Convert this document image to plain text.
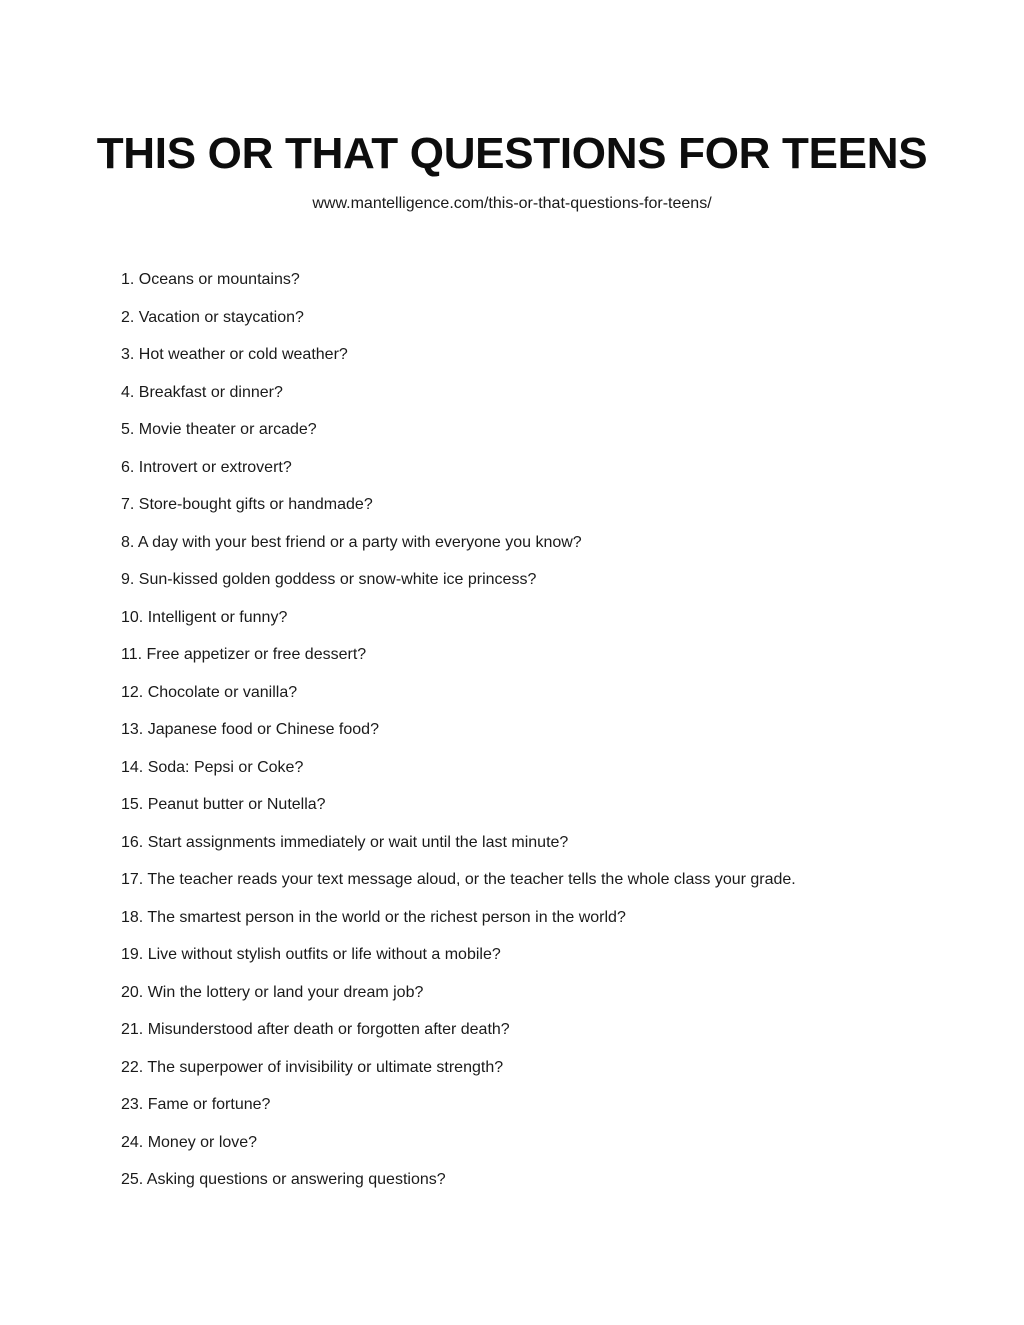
THIS OR THAT QUESTIONS FOR TEENS
www.mantelligence.com/this-or-that-questions-for-teens/
1. Oceans or mountains?
2. Vacation or staycation?
3. Hot weather or cold weather?
4. Breakfast or dinner?
5. Movie theater or arcade?
6. Introvert or extrovert?
7. Store-bought gifts or handmade?
8. A day with your best friend or a party with everyone you know?
9. Sun-kissed golden goddess or snow-white ice princess?
10. Intelligent or funny?
11. Free appetizer or free dessert?
12. Chocolate or vanilla?
13. Japanese food or Chinese food?
14. Soda: Pepsi or Coke?
15. Peanut butter or Nutella?
16. Start assignments immediately or wait until the last minute?
17. The teacher reads your text message aloud, or the teacher tells the whole class your grade.
18. The smartest person in the world or the richest person in the world?
19. Live without stylish outfits or life without a mobile?
20. Win the lottery or land your dream job?
21. Misunderstood after death or forgotten after death?
22. The superpower of invisibility or ultimate strength?
23. Fame or fortune?
24. Money or love?
25. Asking questions or answering questions?
